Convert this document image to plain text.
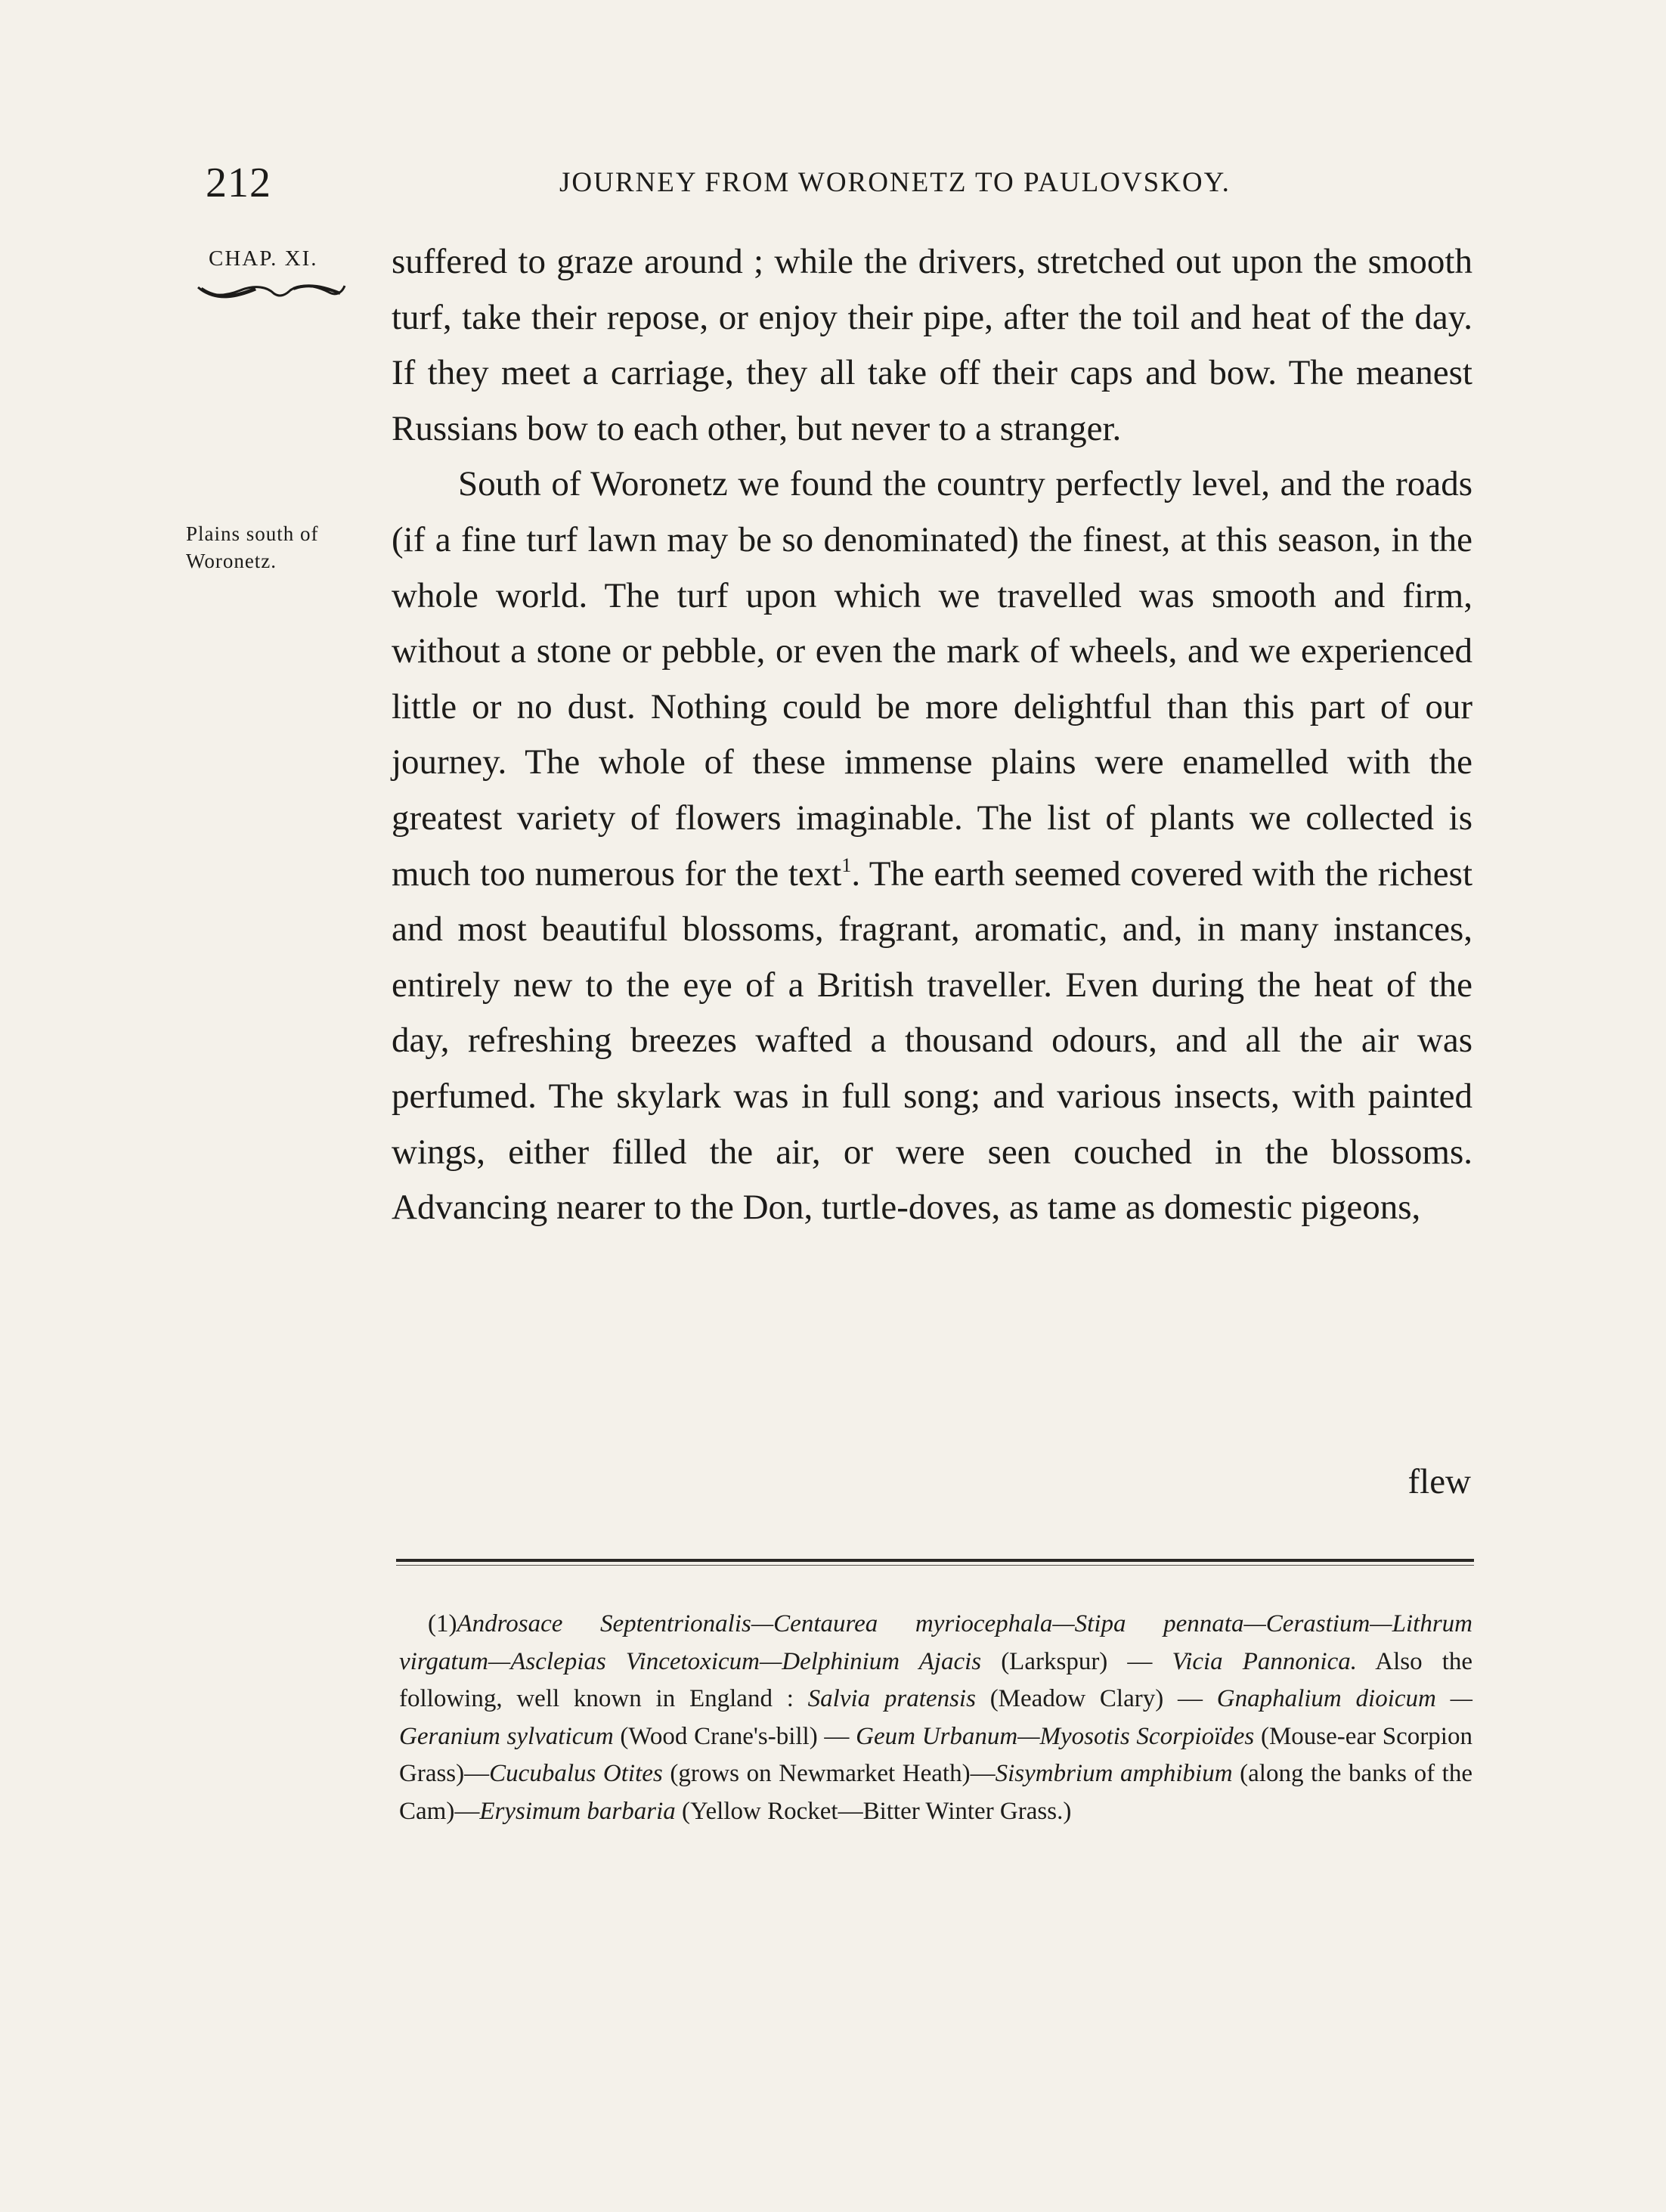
212	JOURNEY FROM WORONETZ TO PAULOVSKOY.
CHAP. XI.
Plains south of
Woronetz.

suffered to graze around ; while the drivers, stretched out upon the smooth turf, take their repose, or enjoy their pipe, after the toil and heat of the day. If they meet a carriage, they all take off their caps and bow. The meanest Russians bow to each other, but never to a stranger.

South of Woronetz we found the country perfectly level, and the roads (if a fine turf lawn may be so denominated) the finest, at this season, in the whole world. The turf upon which we travelled was smooth and firm, without a stone or pebble, or even the mark of wheels, and we experienced little or no dust. Nothing could be more delightful than this part of our journey. The whole of these immense plains were enamelled with the greatest variety of flowers imaginable. The list of plants we collected is much too numerous for the text$^1$. The earth seemed covered with the richest and most beautiful blossoms, fragrant, aromatic, and, in many instances, entirely new to the eye of a British traveller. Even during the heat of the day, refreshing breezes wafted a thousand odours, and all the air was perfumed. The skylark was in full song; and various insects, with painted wings, either filled the air, or were seen couched in the blossoms. Advancing nearer to the Don, turtle-doves, as tame as domestic pigeons,

flew
(1)Androsace Septentrionalis—Centaurea myriocephala—Stipa pennata—Cerastium—Lithrum virgatum—Asclepias Vincetoxicum—Delphinium Ajacis (Larkspur) — Vicia Pannonica. Also the following, well known in England : Salvia pratensis (Meadow Clary) — Gnaphalium dioicum — Geranium sylvaticum (Wood Crane's-bill) — Geum Urbanum—Myosotis Scorpioïdes (Mouse-ear Scorpion Grass)—Cucubalus Otites (grows on Newmarket Heath)—Sisymbrium amphibium (along the banks of the Cam)—Erysimum barbaria (Yellow Rocket—Bitter Winter Grass.)
